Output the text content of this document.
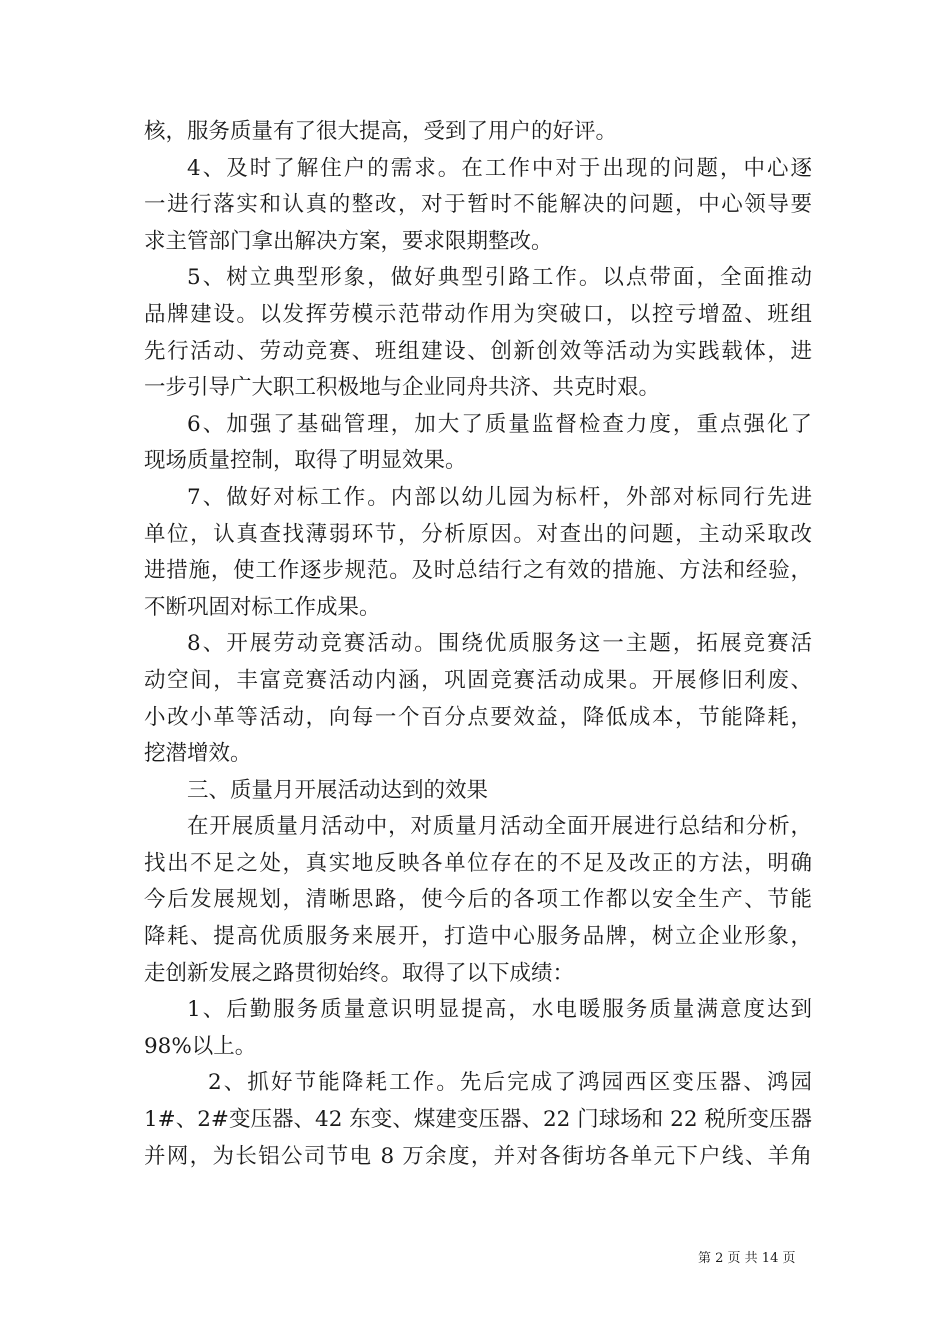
核，服务质量有了很大提高，受到了用户的好评。
4、及时了解住户的需求。在工作中对于出现的问题，中心逐
一进行落实和认真的整改，对于暂时不能解决的问题，中心领导要
求主管部门拿出解决方案，要求限期整改。
5、树立典型形象，做好典型引路工作。以点带面，全面推动
品牌建设。以发挥劳模示范带动作用为突破口，以控亏增盈、班组
先行活动、劳动竞赛、班组建设、创新创效等活动为实践载体，进
一步引导广大职工积极地与企业同舟共济、共克时艰。
6、加强了基础管理，加大了质量监督检查力度，重点强化了
现场质量控制，取得了明显效果。
7、做好对标工作。内部以幼儿园为标杆，外部对标同行先进
单位，认真查找薄弱环节，分析原因。对查出的问题，主动采取改
进措施，使工作逐步规范。及时总结行之有效的措施、方法和经验，
不断巩固对标工作成果。
8、开展劳动竞赛活动。围绕优质服务这一主题，拓展竞赛活
动空间，丰富竞赛活动内涵，巩固竞赛活动成果。开展修旧利废、
小改小革等活动，向每一个百分点要效益，降低成本，节能降耗，
挖潜增效。
三、质量月开展活动达到的效果
在开展质量月活动中，对质量月活动全面开展进行总结和分析，
找出不足之处，真实地反映各单位存在的不足及改正的方法，明确
今后发展规划，清晰思路，使今后的各项工作都以安全生产、节能
降耗、提高优质服务来展开，打造中心服务品牌，树立企业形象，
走创新发展之路贯彻始终。取得了以下成绩：
1、后勤服务质量意识明显提高，水电暖服务质量满意度达到
98%以上。
2、抓好节能降耗工作。先后完成了鸿园西区变压器、鸿园
1#、2#变压器、42 东变、煤建变压器、22 门球场和 22 税所变压器
并网，为长铝公司节电 8 万余度，并对各街坊各单元下户线、羊角
第 2 页 共 14 页
